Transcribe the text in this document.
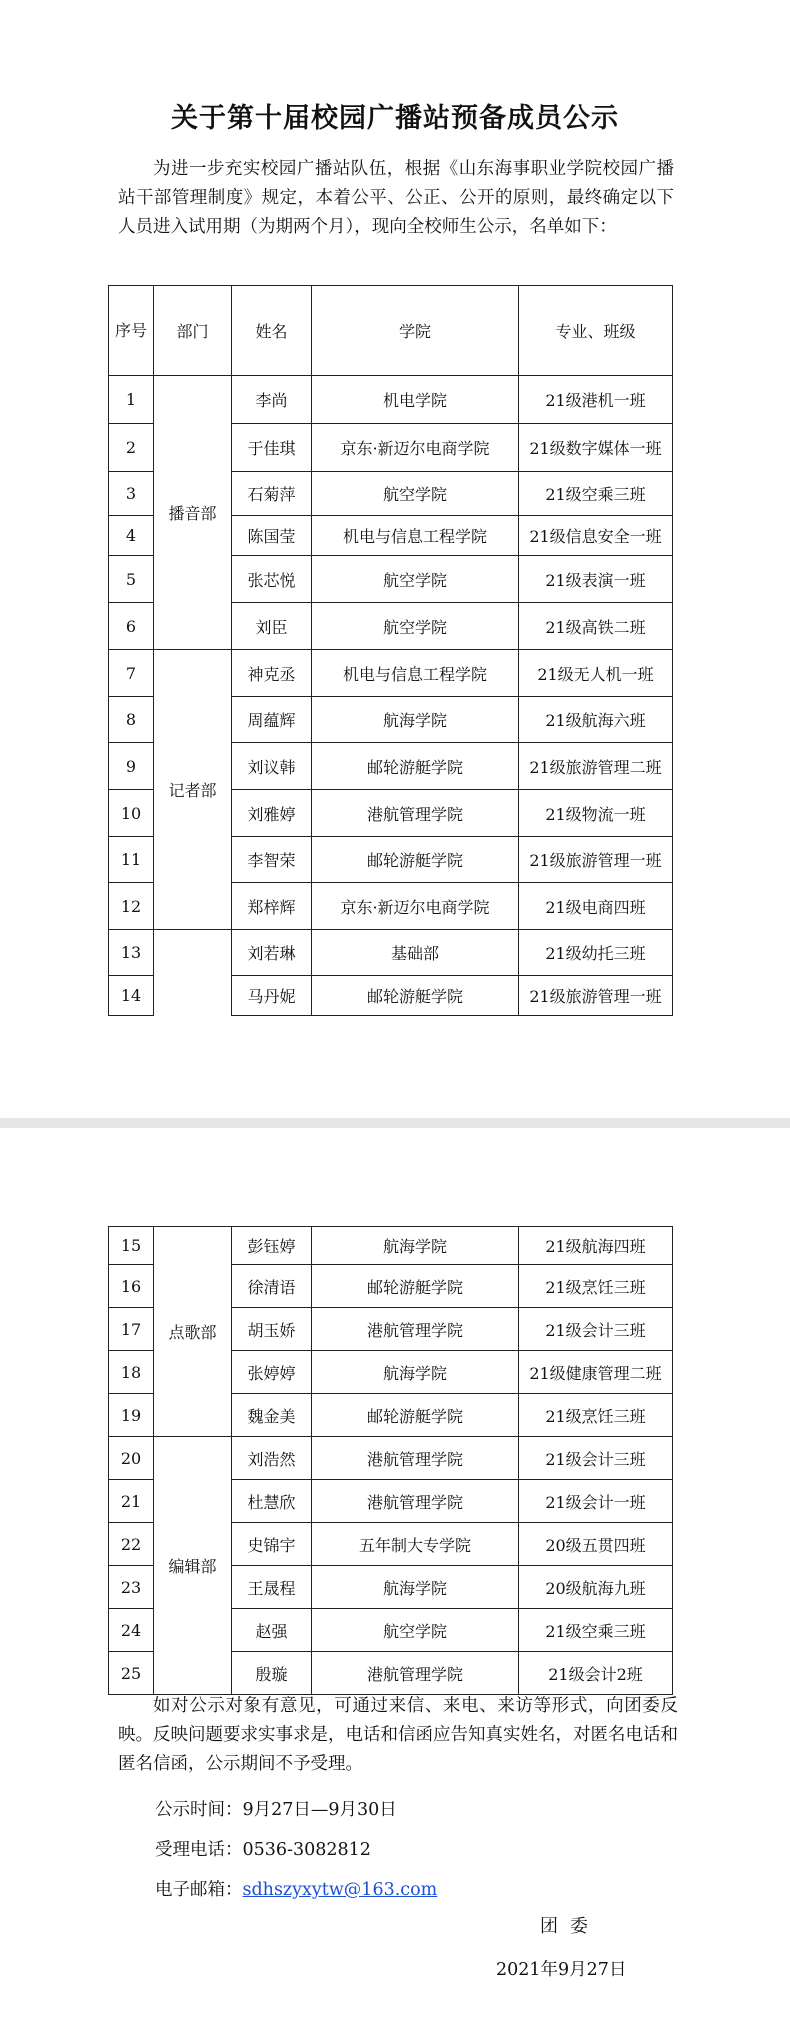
关于第十届校园广播站预备成员公示
为进一步充实校园广播站队伍，根据《山东海事职业学院校园广播站干部管理制度》规定，本着公平、公正、公开的原则，最终确定以下人员进入试用期（为期两个月），现向全校师生公示，名单如下：
序号	部门	姓名	学院	专业、班级
1	播音部	李尚	机电学院	21级港机一班
2		于佳琪	京东·新迈尔电商学院	21级数字媒体一班
3		石菊萍	航空学院	21级空乘三班
4		陈国莹	机电与信息工程学院	21级信息安全一班
5		张芯悦	航空学院	21级表演一班
6		刘臣	航空学院	21级高铁二班
7	记者部	神克丞	机电与信息工程学院	21级无人机一班
8		周蕴辉	航海学院	21级航海六班
9		刘议韩	邮轮游艇学院	21级旅游管理二班
10		刘雅婷	港航管理学院	21级物流一班
11		李智荣	邮轮游艇学院	21级旅游管理一班
12		郑梓辉	京东·新迈尔电商学院	21级电商四班
13		刘若琳	基础部	21级幼托三班
14		马丹妮	邮轮游艇学院	21级旅游管理一班
15	点歌部	彭钰婷	航海学院	21级航海四班
16		徐清语	邮轮游艇学院	21级烹饪三班
17		胡玉娇	港航管理学院	21级会计三班
18		张婷婷	航海学院	21级健康管理二班
19		魏金美	邮轮游艇学院	21级烹饪三班
20	编辑部	刘浩然	港航管理学院	21级会计三班
21		杜慧欣	港航管理学院	21级会计一班
22		史锦宇	五年制大专学院	20级五贯四班
23		王晟程	航海学院	20级航海九班
24		赵强	航空学院	21级空乘三班
25		殷璇	港航管理学院	21级会计2班
如对公示对象有意见，可通过来信、来电、来访等形式，向团委反映。反映问题要求实事求是，电话和信函应告知真实姓名，对匿名电话和匿名信函，公示期间不予受理。
公示时间：9月27日—9月30日
受理电话：0536-3082812
电子邮箱：sdhszyxytw@163.com
团委
2021年9月27日
